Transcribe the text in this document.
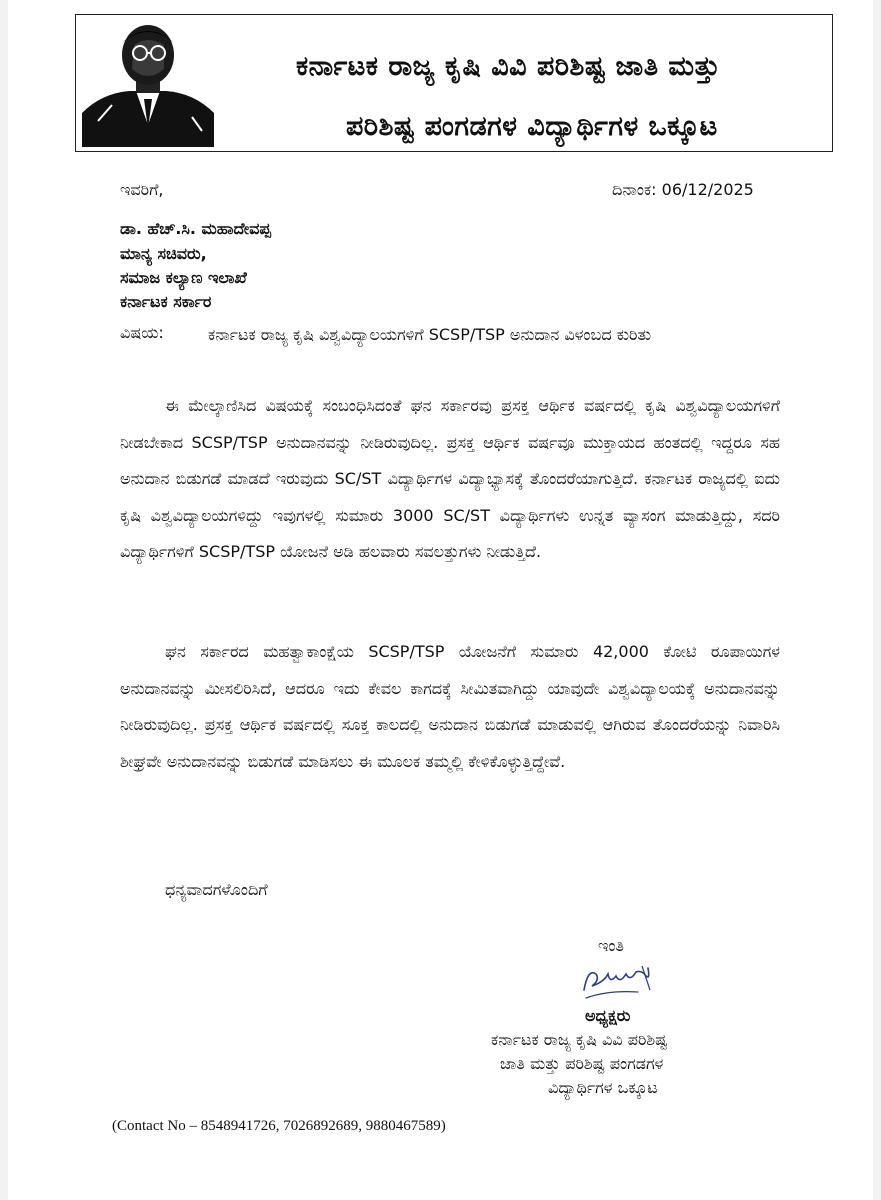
ಕರ್ನಾಟಕ ರಾಜ್ಯ ಕೃಷಿ ವಿವಿ ಪರಿಶಿಷ್ಟ ಜಾತಿ ಮತ್ತು
ಪರಿಶಿಷ್ಟ ಪಂಗಡಗಳ ವಿದ್ಯಾರ್ಥಿಗಳ ಒಕ್ಕೂಟ
ಇವರಿಗೆ,	ದಿನಾಂಕ: 06/12/2025
ಡಾ. ಹೆಚ್.ಸಿ. ಮಹಾದೇವಪ್ಪ
ಮಾನ್ಯ ಸಚಿವರು,
ಸಮಾಜ ಕಲ್ಯಾಣ ಇಲಾಖೆ
ಕರ್ನಾಟಕ ಸರ್ಕಾರ
ವಿಷಯ:	ಕರ್ನಾಟಕ ರಾಜ್ಯ ಕೃಷಿ ವಿಶ್ವವಿದ್ಯಾಲಯಗಳಿಗೆ SCSP/TSP ಅನುದಾನ ವಿಳಂಬದ ಕುರಿತು
ಈ ಮೇಲ್ಕಾಣಿಸಿದ ವಿಷಯಕ್ಕೆ ಸಂಬಂಧಿಸಿದಂತೆ ಘನ ಸರ್ಕಾರವು ಪ್ರಸಕ್ತ ಆರ್ಥಿಕ ವರ್ಷದಲ್ಲಿ ಕೃಷಿ ವಿಶ್ವವಿದ್ಯಾಲಯಗಳಿಗೆ ನೀಡಬೇಕಾದ SCSP/TSP ಅನುದಾನವನ್ನು ನೀಡಿರುವುದಿಲ್ಲ. ಪ್ರಸಕ್ತ ಆರ್ಥಿಕ ವರ್ಷವೂ ಮುಕ್ತಾಯದ ಹಂತದಲ್ಲಿ ಇದ್ದರೂ ಸಹ ಅನುದಾನ ಬಿಡುಗಡೆ ಮಾಡದೆ ಇರುವುದು SC/ST ವಿದ್ಯಾರ್ಥಿಗಳ ವಿದ್ಯಾಭ್ಯಾಸಕ್ಕೆ ತೊಂದರೆಯಾಗುತ್ತಿದೆ. ಕರ್ನಾಟಕ ರಾಜ್ಯದಲ್ಲಿ ಐದು ಕೃಷಿ ವಿಶ್ವವಿದ್ಯಾಲಯಗಳಿದ್ದು ಇವುಗಳಲ್ಲಿ ಸುಮಾರು 3000 SC/ST ವಿದ್ಯಾರ್ಥಿಗಳು ಉನ್ನತ ವ್ಯಾಸಂಗ ಮಾಡುತ್ತಿದ್ದು, ಸದರಿ ವಿದ್ಯಾರ್ಥಿಗಳಿಗೆ SCSP/TSP ಯೋಜನೆ ಅಡಿ ಹಲವಾರು ಸವಲತ್ತುಗಳು ನೀಡುತ್ತಿದೆ.
ಘನ ಸರ್ಕಾರದ ಮಹತ್ವಾಕಾಂಕ್ಷೆಯ SCSP/TSP ಯೋಜನೆಗೆ ಸುಮಾರು 42,000 ಕೋಟಿ ರೂಪಾಯಿಗಳ ಅನುದಾನವನ್ನು ಮೀಸಲಿರಿಸಿದೆ, ಆದರೂ ಇದು ಕೇವಲ ಕಾಗದಕ್ಕೆ ಸೀಮಿತವಾಗಿದ್ದು ಯಾವುದೇ ವಿಶ್ವವಿದ್ಯಾಲಯಕ್ಕೆ ಅನುದಾನವನ್ನು ನೀಡಿರುವುದಿಲ್ಲ. ಪ್ರಸಕ್ತ ಆರ್ಥಿಕ ವರ್ಷದಲ್ಲಿ ಸೂಕ್ತ ಕಾಲದಲ್ಲಿ ಅನುದಾನ ಬಿಡುಗಡೆ ಮಾಡುವಲ್ಲಿ ಆಗಿರುವ ತೊಂದರೆಯನ್ನು ನಿವಾರಿಸಿ ಶೀಘ್ರವೇ ಅನುದಾನವನ್ನು ಬಿಡುಗಡೆ ಮಾಡಿಸಲು ಈ ಮೂಲಕ ತಮ್ಮಲ್ಲಿ ಕೇಳಿಕೊಳ್ಳುತ್ತಿದ್ದೇವೆ.
ಧನ್ಯವಾದಗಳೊಂದಿಗೆ
ಇಂತಿ
ಅಧ್ಯಕ್ಷರು
ಕರ್ನಾಟಕ ರಾಜ್ಯ ಕೃಷಿ ವಿವಿ ಪರಿಶಿಷ್ಟ
ಜಾತಿ ಮತ್ತು ಪರಿಶಿಷ್ಟ ಪಂಗಡಗಳ
ವಿದ್ಯಾರ್ಥಿಗಳ ಒಕ್ಕೂಟ
(Contact No – 8548941726, 7026892689, 9880467589)
